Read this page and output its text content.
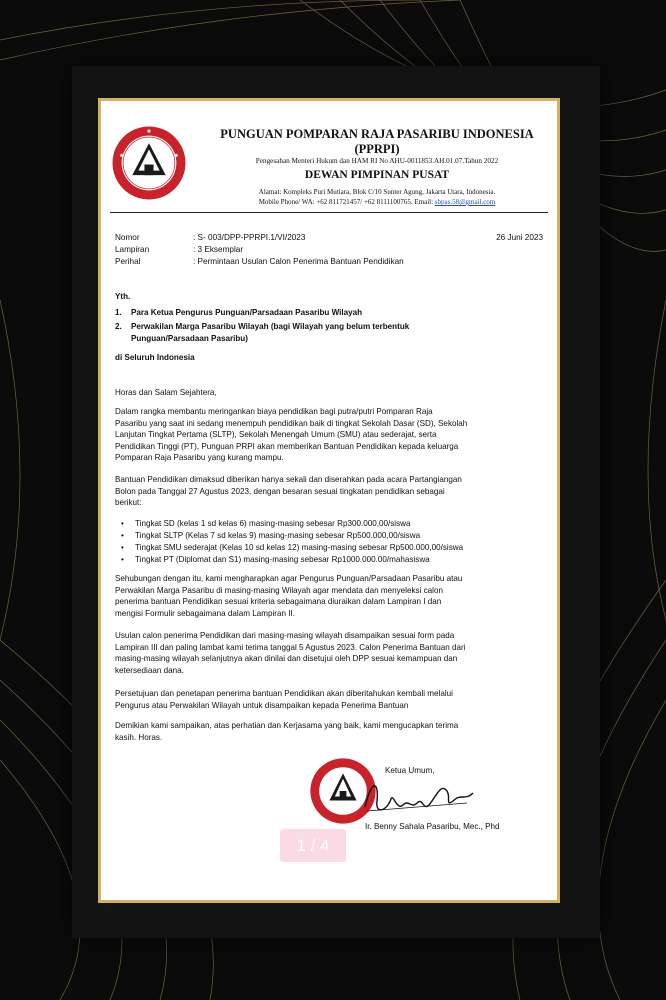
PUNGUAN POMPARAN RAJA PASARIBU INDONESIA
(PPRPI)
Pengesahan Menteri Hukum dan HAM RI No AHU-0011853.AH.01.07.Tahun 2022
DEWAN PIMPINAN PUSAT
Alamat: Kompleks Puri Mutiara, Blok C/10 Sunter Agung, Jakarta Utara, Indonesia.
Mobile Phone/ WA: +62 811721457/ +62 8111100765. Email: sbpas.58@gmail.com
Nomor	: S- 003/DPP-PPRPI.1/VI/2023
Lampiran	: 3 Eksemplar
Perihal	: Permintaan Usulan Calon Penerima Bantuan Pendidikan
26 Juni 2023
Yth.
1. Para Ketua Pengurus Punguan/Parsadaan Pasaribu Wilayah
2. Perwakilan Marga Pasaribu Wilayah (bagi Wilayah yang belum terbentuk
Punguan/Parsadaan Pasaribu)
di Seluruh Indonesia
Horas dan Salam Sejahtera,
Dalam rangka membantu meringankan biaya pendidikan bagi putra/putri Pomparan Raja
Pasaribu yang saat ini sedang menempuh pendidikan baik di tingkat Sekolah Dasar (SD), Sekolah
Lanjutan Tingkat Pertama (SLTP), Sekolah Menengah Umum (SMU) atau sederajat, serta
Pendidikan Tinggi (PT), Punguan PRPI akan memberikan Bantuan Pendidikan kepada keluarga
Pomparan Raja Pasaribu yang kurang mampu.
Bantuan Pendidikan dimaksud diberikan hanya sekali dan diserahkan pada acara Partangiangan
Bolon pada Tanggal 27 Agustus 2023, dengan besaran sesuai tingkatan pendidikan sebagai
berikut:
• Tingkat SD (kelas 1 sd kelas 6) masing-masing sebesar Rp300.000,00/siswa
• Tingkat SLTP (Kelas 7 sd kelas 9) masing-masing sebesar Rp500.000,00/siswa
• Tingkat SMU sederajat (Kelas 10 sd kelas 12) masing-masing sebesar Rp500.000,00/siswa
• Tingkat PT (Diplomat dan S1) masing-masing sebesar Rp1000.000.00/mahasiswa
Sehubungan dengan itu, kami mengharapkan agar Pengurus Punguan/Parsadaan Pasaribu atau
Perwakilan Marga Pasaribu di masing-masing Wilayah agar mendata dan menyeleksi calon
penerima bantuan Pendidikan sesuai kriteria sebagaimana diuraikan dalam Lampiran I dan
mengisi Formulir sebagaimana dalam Lampiran II.
Usulan calon penerima Pendidikan dari masing-masing wilayah disampaikan sesuai form pada
Lampiran III dan paling lambat kami terima tanggal 5 Agustus 2023. Calon Penerima Bantuan dari
masing-masing wilayah selanjutnya akan dinilai dan disetujui oleh DPP sesuai kemampuan dan
ketersediaan dana.
Persetujuan dan penetapan penerima bantuan Pendidikan akan diberitahukan kembali melalui
Pengurus atau Perwakilan Wilayah untuk disampaikan kepada Penerima Bantuan
Demikian kami sampaikan, atas perhatian dan Kerjasama yang baik, kami mengucapkan terima
kasih. Horas.
Ketua Umum,
Ir. Benny Sahala Pasaribu, Mec., Phd
1 / 4
